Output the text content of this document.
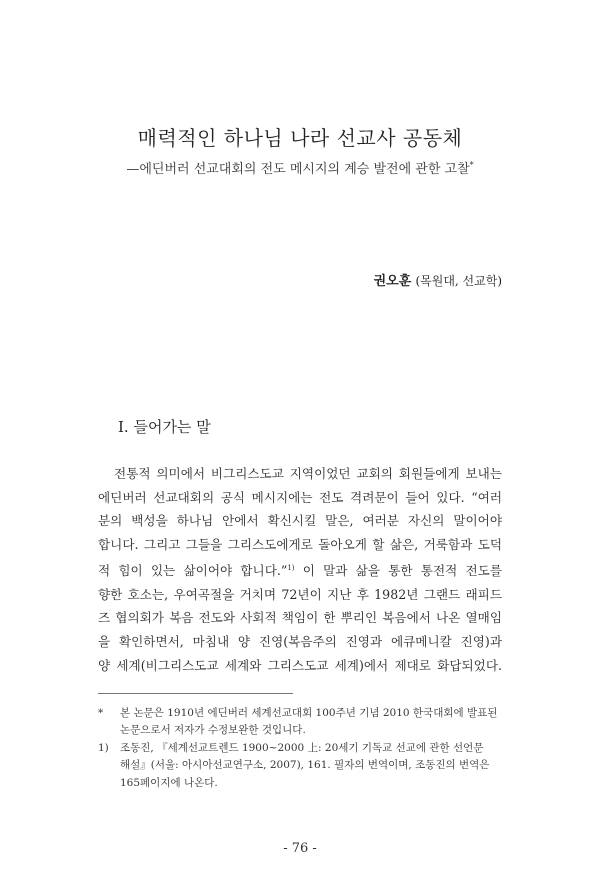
매력적인 하나님 나라 선교사 공동체
—에딘버러 선교대회의 전도 메시지의 계승 발전에 관한 고찰*
권오훈 (목원대, 선교학)
I. 들어가는 말

전통적 의미에서 비그리스도교 지역이었던 교회의 회원들에게 보내는
에딘버러 선교대회의 공식 메시지에는 전도 격려문이 들어 있다. “여러
분의 백성을 하나님 안에서 확신시킬 말은, 여러분 자신의 말이어야
합니다. 그리고 그들을 그리스도에게로 돌아오게 할 삶은, 거룩함과 도덕
적 힘이 있는 삶이어야 합니다.”$^{1)}$ 이 말과 삶을 통한 통전적 전도를
향한 호소는, 우여곡절을 거치며 72년이 지난 후 1982년 그랜드 래피드
즈 협의회가 복음 전도와 사회적 책임이 한 뿌리인 복음에서 나온 열매임
을 확인하면서, 마침내 양 진영(복음주의 진영과 에큐메니칼 진영)과
양 세계(비그리스도교 세계와 그리스도교 세계)에서 제대로 화답되었다.

* 본 논문은 1910년 에딘버러 세계선교대회 100주년 기념 2010 한국대회에 발표된
논문으로서 저자가 수정보완한 것입니다.
1) 조동진, 『세계선교트렌드 1900~2000 上: 20세기 기독교 선교에 관한 선언문
해설』(서울: 아시아선교연구소, 2007), 161. 필자의 번역이며, 조동진의 번역은
165페이지에 나온다.
- 76 -
